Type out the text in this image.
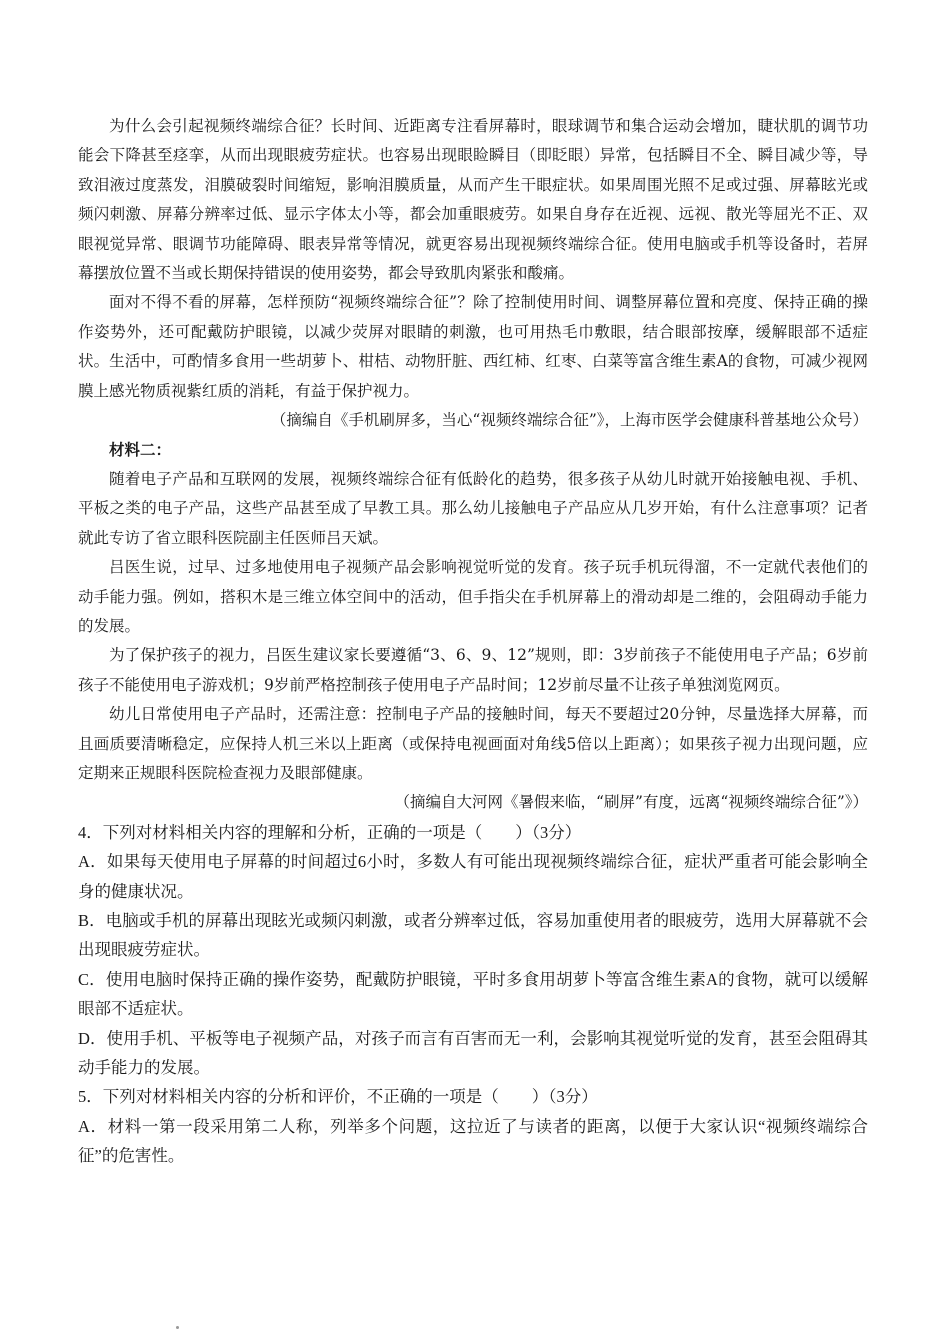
为什么会引起视频终端综合征？长时间、近距离专注看屏幕时，眼球调节和集合运动会增加，睫状肌的调节功能会下降甚至痉挛，从而出现眼疲劳症状。也容易出现眼睑瞬目（即眨眼）异常，包括瞬目不全、瞬目减少等，导致泪液过度蒸发，泪膜破裂时间缩短，影响泪膜质量，从而产生干眼症状。如果周围光照不足或过强、屏幕眩光或频闪刺激、屏幕分辨率过低、显示字体太小等，都会加重眼疲劳。如果自身存在近视、远视、散光等屈光不正、双眼视觉异常、眼调节功能障碍、眼表异常等情况，就更容易出现视频终端综合征。使用电脑或手机等设备时，若屏幕摆放位置不当或长期保持错误的使用姿势，都会导致肌肉紧张和酸痛。

面对不得不看的屏幕，怎样预防“视频终端综合征”？除了控制使用时间、调整屏幕位置和亮度、保持正确的操作姿势外，还可配戴防护眼镜，以减少荧屏对眼睛的刺激，也可用热毛巾敷眼，结合眼部按摩，缓解眼部不适症状。生活中，可酌情多食用一些胡萝卜、柑桔、动物肝脏、西红柿、红枣、白菜等富含维生素A的食物，可减少视网膜上感光物质视紫红质的消耗，有益于保护视力。

（摘编自《手机刷屏多，当心“视频终端综合征”》，上海市医学会健康科普基地公众号）

材料二：

随着电子产品和互联网的发展，视频终端综合征有低龄化的趋势，很多孩子从幼儿时就开始接触电视、手机、平板之类的电子产品，这些产品甚至成了早教工具。那么幼儿接触电子产品应从几岁开始，有什么注意事项？记者就此专访了省立眼科医院副主任医师吕天斌。

吕医生说，过早、过多地使用电子视频产品会影响视觉听觉的发育。孩子玩手机玩得溜，不一定就代表他们的动手能力强。例如，搭积木是三维立体空间中的活动，但手指尖在手机屏幕上的滑动却是二维的，会阻碍动手能力的发展。

为了保护孩子的视力，吕医生建议家长要遵循“3、6、9、12”规则，即：3岁前孩子不能使用电子产品；6岁前孩子不能使用电子游戏机；9岁前严格控制孩子使用电子产品时间；12岁前尽量不让孩子单独浏览网页。

幼儿日常使用电子产品时，还需注意：控制电子产品的接触时间，每天不要超过20分钟，尽量选择大屏幕，而且画质要清晰稳定，应保持人机三米以上距离（或保持电视画面对角线5倍以上距离）；如果孩子视力出现问题，应定期来正规眼科医院检查视力及眼部健康。

（摘编自大河网《暑假来临，“刷屏”有度，远离“视频终端综合征”》）

4．下列对材料相关内容的理解和分析，正确的一项是（　　）（3分）

A．如果每天使用电子屏幕的时间超过6小时，多数人有可能出现视频终端综合征，症状严重者可能会影响全身的健康状况。

B．电脑或手机的屏幕出现眩光或频闪刺激，或者分辨率过低，容易加重使用者的眼疲劳，选用大屏幕就不会出现眼疲劳症状。

C．使用电脑时保持正确的操作姿势，配戴防护眼镜，平时多食用胡萝卜等富含维生素A的食物，就可以缓解眼部不适症状。

D．使用手机、平板等电子视频产品，对孩子而言有百害而无一利，会影响其视觉听觉的发育，甚至会阻碍其动手能力的发展。

5．下列对材料相关内容的分析和评价，不正确的一项是（　　）（3分）

A．材料一第一段采用第二人称，列举多个问题，这拉近了与读者的距离，以便于大家认识“视频终端综合征”的危害性。
